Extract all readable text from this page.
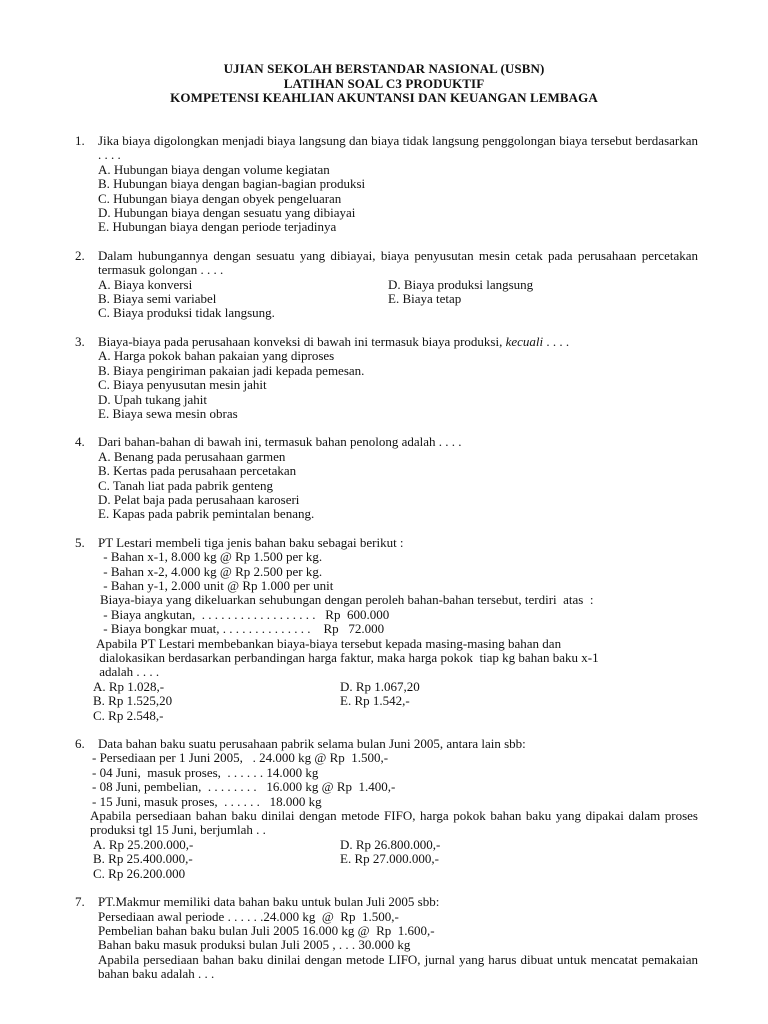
UJIAN SEKOLAH BERSTANDAR NASIONAL (USBN)
LATIHAN SOAL C3 PRODUKTIF
KOMPETENSI KEAHLIAN AKUNTANSI DAN KEUANGAN LEMBAGA
1. Jika biaya digolongkan menjadi biaya langsung dan biaya tidak langsung penggolongan biaya tersebut berdasarkan . . . .
A. Hubungan biaya dengan volume kegiatan
B. Hubungan biaya dengan bagian-bagian produksi
C. Hubungan biaya dengan obyek pengeluaran
D. Hubungan biaya dengan sesuatu yang dibiayai
E. Hubungan biaya dengan periode terjadinya
2. Dalam hubungannya dengan sesuatu yang dibiayai, biaya penyusutan mesin cetak pada perusahaan percetakan termasuk golongan . . . .
A. Biaya konversi	D. Biaya produksi langsung
B. Biaya semi variabel	E. Biaya tetap
C. Biaya produksi tidak langsung.
3. Biaya-biaya pada perusahaan konveksi di bawah ini termasuk biaya produksi, kecuali . . . .
A. Harga pokok bahan pakaian yang diproses
B. Biaya pengiriman pakaian jadi kepada pemesan.
C. Biaya penyusutan mesin jahit
D. Upah tukang jahit
E. Biaya sewa mesin obras
4. Dari bahan-bahan di bawah ini, termasuk bahan penolong adalah . . . .
A. Benang pada perusahaan garmen
B. Kertas pada perusahaan percetakan
C. Tanah liat pada pabrik genteng
D. Pelat baja pada perusahaan karoseri
E. Kapas pada pabrik pemintalan benang.
5. PT Lestari membeli tiga jenis bahan baku sebagai berikut :
- Bahan x-1, 8.000 kg @ Rp 1.500 per kg.
- Bahan x-2, 4.000 kg @ Rp 2.500 per kg.
- Bahan y-1, 2.000 unit @ Rp 1.000 per unit
Biaya-biaya yang dikeluarkan sehubungan dengan peroleh bahan-bahan tersebut, terdiri  atas  :
- Biaya angkutan,  . . . . . . . . . . . . . . . . . .   Rp  600.000
- Biaya bongkar muat, . . . . . . . . . . . . . .    Rp   72.000
Apabila PT Lestari membebankan biaya-biaya tersebut kepada masing-masing bahan dan
dialokasikan berdasarkan perbandingan harga faktur, maka harga pokok  tiap kg bahan baku x-1
adalah . . . .
A. Rp 1.028,-	D. Rp 1.067,20
B. Rp 1.525,20	E. Rp 1.542,-
C. Rp 2.548,-
6. Data bahan baku suatu perusahaan pabrik selama bulan Juni 2005, antara lain sbb:
- Persediaan per 1 Juni 2005,   . 24.000 kg @ Rp  1.500,-
- 04 Juni,  masuk proses,  . . . . . . 14.000 kg
- 08 Juni, pembelian,  . . . . . . . .   16.000 kg @ Rp  1.400,-
- 15 Juni, masuk proses,  . . . . . .   18.000 kg
Apabila persediaan bahan baku dinilai dengan metode FIFO, harga pokok bahan baku yang dipakai dalam proses produksi tgl 15 Juni, berjumlah . .
A. Rp 25.200.000,-	D. Rp 26.800.000,-
B. Rp 25.400.000,-	E. Rp 27.000.000,-
C. Rp 26.200.000
7. PT.Makmur memiliki data bahan baku untuk bulan Juli 2005 sbb:
Persediaan awal periode . . . . . .24.000 kg  @  Rp  1.500,-
Pembelian bahan baku bulan Juli 2005 16.000 kg @  Rp  1.600,-
Bahan baku masuk produksi bulan Juli 2005 , . . . 30.000 kg
Apabila persediaan bahan baku dinilai dengan metode LIFO, jurnal yang harus dibuat untuk mencatat pemakaian bahan baku adalah . . .
